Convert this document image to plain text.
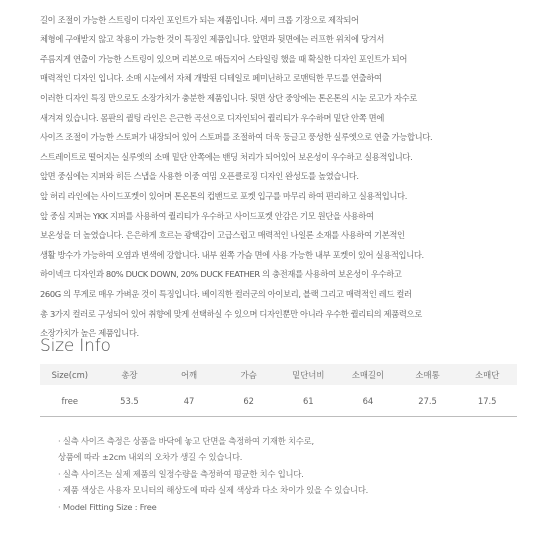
길이 조절이 가능한 스트링이 디자인 포인트가 되는 제품입니다. 세미 크롭 기장으로 제작되어

체형에 구애받지 않고 착용이 가능한 것이 특징인 제품입니다. 앞면과 뒷면에는 러프한 위치에 당겨서

주름지게 연출이 가능한 스트링이 있으며 리본으로 매듭지어 스타일링 했을 때 확실한 디자인 포인트가 되어

매력적인 디자인 입니다. 소매 시눈에서 자체 개발된 디테일로 페미닌하고 로맨틱한 무드를 연출하여

이러한 디자인 특징 만으로도 소장가치가 충분한 제품입니다. 뒷면 상단 중앙에는 톤온톤의 시눈 로고가 자수로

새겨져 있습니다. 몸판의 퀼팅 라인은 은근한 곡선으로 디자인되어 퀄리티가 우수하며 밑단 안쪽 면에

사이즈 조절이 가능한 스토퍼가 내장되어 있어 스토퍼를 조절하여 더욱 둥글고 풍성한 실루엣으로 연출 가능합니다.

스트레이트로 떨어지는 실루엣의 소매 밑단 안쪽에는 밴딩 처리가 되어있어 보온성이 우수하고 실용적입니다.

앞면 중심에는 지퍼와 히든 스냅을 사용한 이중 여밈 오픈클로징 디자인 완성도를 높였습니다.

앞 허리 라인에는 사이드포켓이 있어며 톤온톤의 컵밴드로 포켓 입구를 마무리 하여 편리하고 실용적입니다.

앞 중심 지퍼는 YKK 지퍼를 사용하여 퀄리티가 우수하고 사이드포켓 안감은 기모 원단을 사용하여

보온성을 더 높였습니다. 은은하게 흐르는 광택감이 고급스럽고 매력적인 나일론 소재를 사용하여 기본적인

생활 방수가 가능하여 오염과 변색에 강합니다. 내부 왼쪽 가슴 면에 사용 가능한 내부 포켓이 있어 실용적입니다.

하이넥크 디자인과 80% DUCK DOWN, 20% DUCK FEATHER 의 충전재를 사용하여 보온성이 우수하고

260G 의 무게로 매우 가벼운 것이 특징입니다. 베이직한 컬러군의 아이보리, 블랙 그리고 매력적인 레드 컬러

총 3가지 컬러로 구성되어 있어 취향에 맞게 선택하실 수 있으며 디자인뿐만 아니라 우수한 퀄리티의 제품력으로

소장가치가 높은 제품입니다.

Size Info
Size(cm)	총장	어깨	가슴	밑단너비	소매길이	소매통	소매단
free	53.5	47	62	61	64	27.5	17.5
· 실측 사이즈 측정은 상품을 바닥에 놓고 단면을 측정하여 기재한 치수로,
상품에 따라 ±2cm 내외의 오차가 생길 수 있습니다.
· 실측 사이즈는 실제 제품의 일정수량을 측정하여 평균한 치수 입니다.
· 제품 색상은 사용자 모니터의 해상도에 따라 실제 색상과 다소 차이가 있을 수 있습니다.
· Model Fitting Size : Free
